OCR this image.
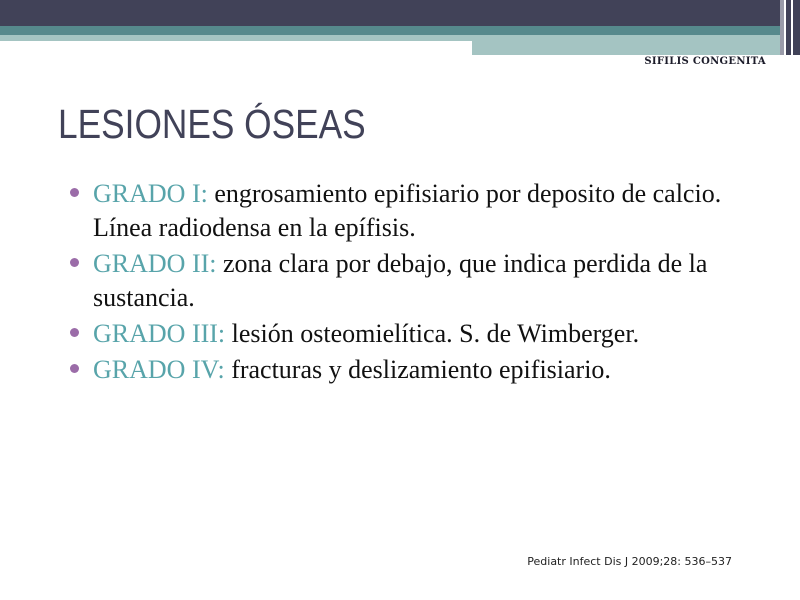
SIFILIS CONGENITA
LESIONES ÓSEAS
GRADO I: engrosamiento epifisiario por deposito de calcio. Línea radiodensa en la epífisis.
GRADO II: zona clara por debajo, que indica perdida de la sustancia.
GRADO III: lesión osteomielítica. S. de Wimberger.
GRADO IV: fracturas y deslizamiento epifisiario.
Pediatr Infect Dis J 2009;28: 536–537
